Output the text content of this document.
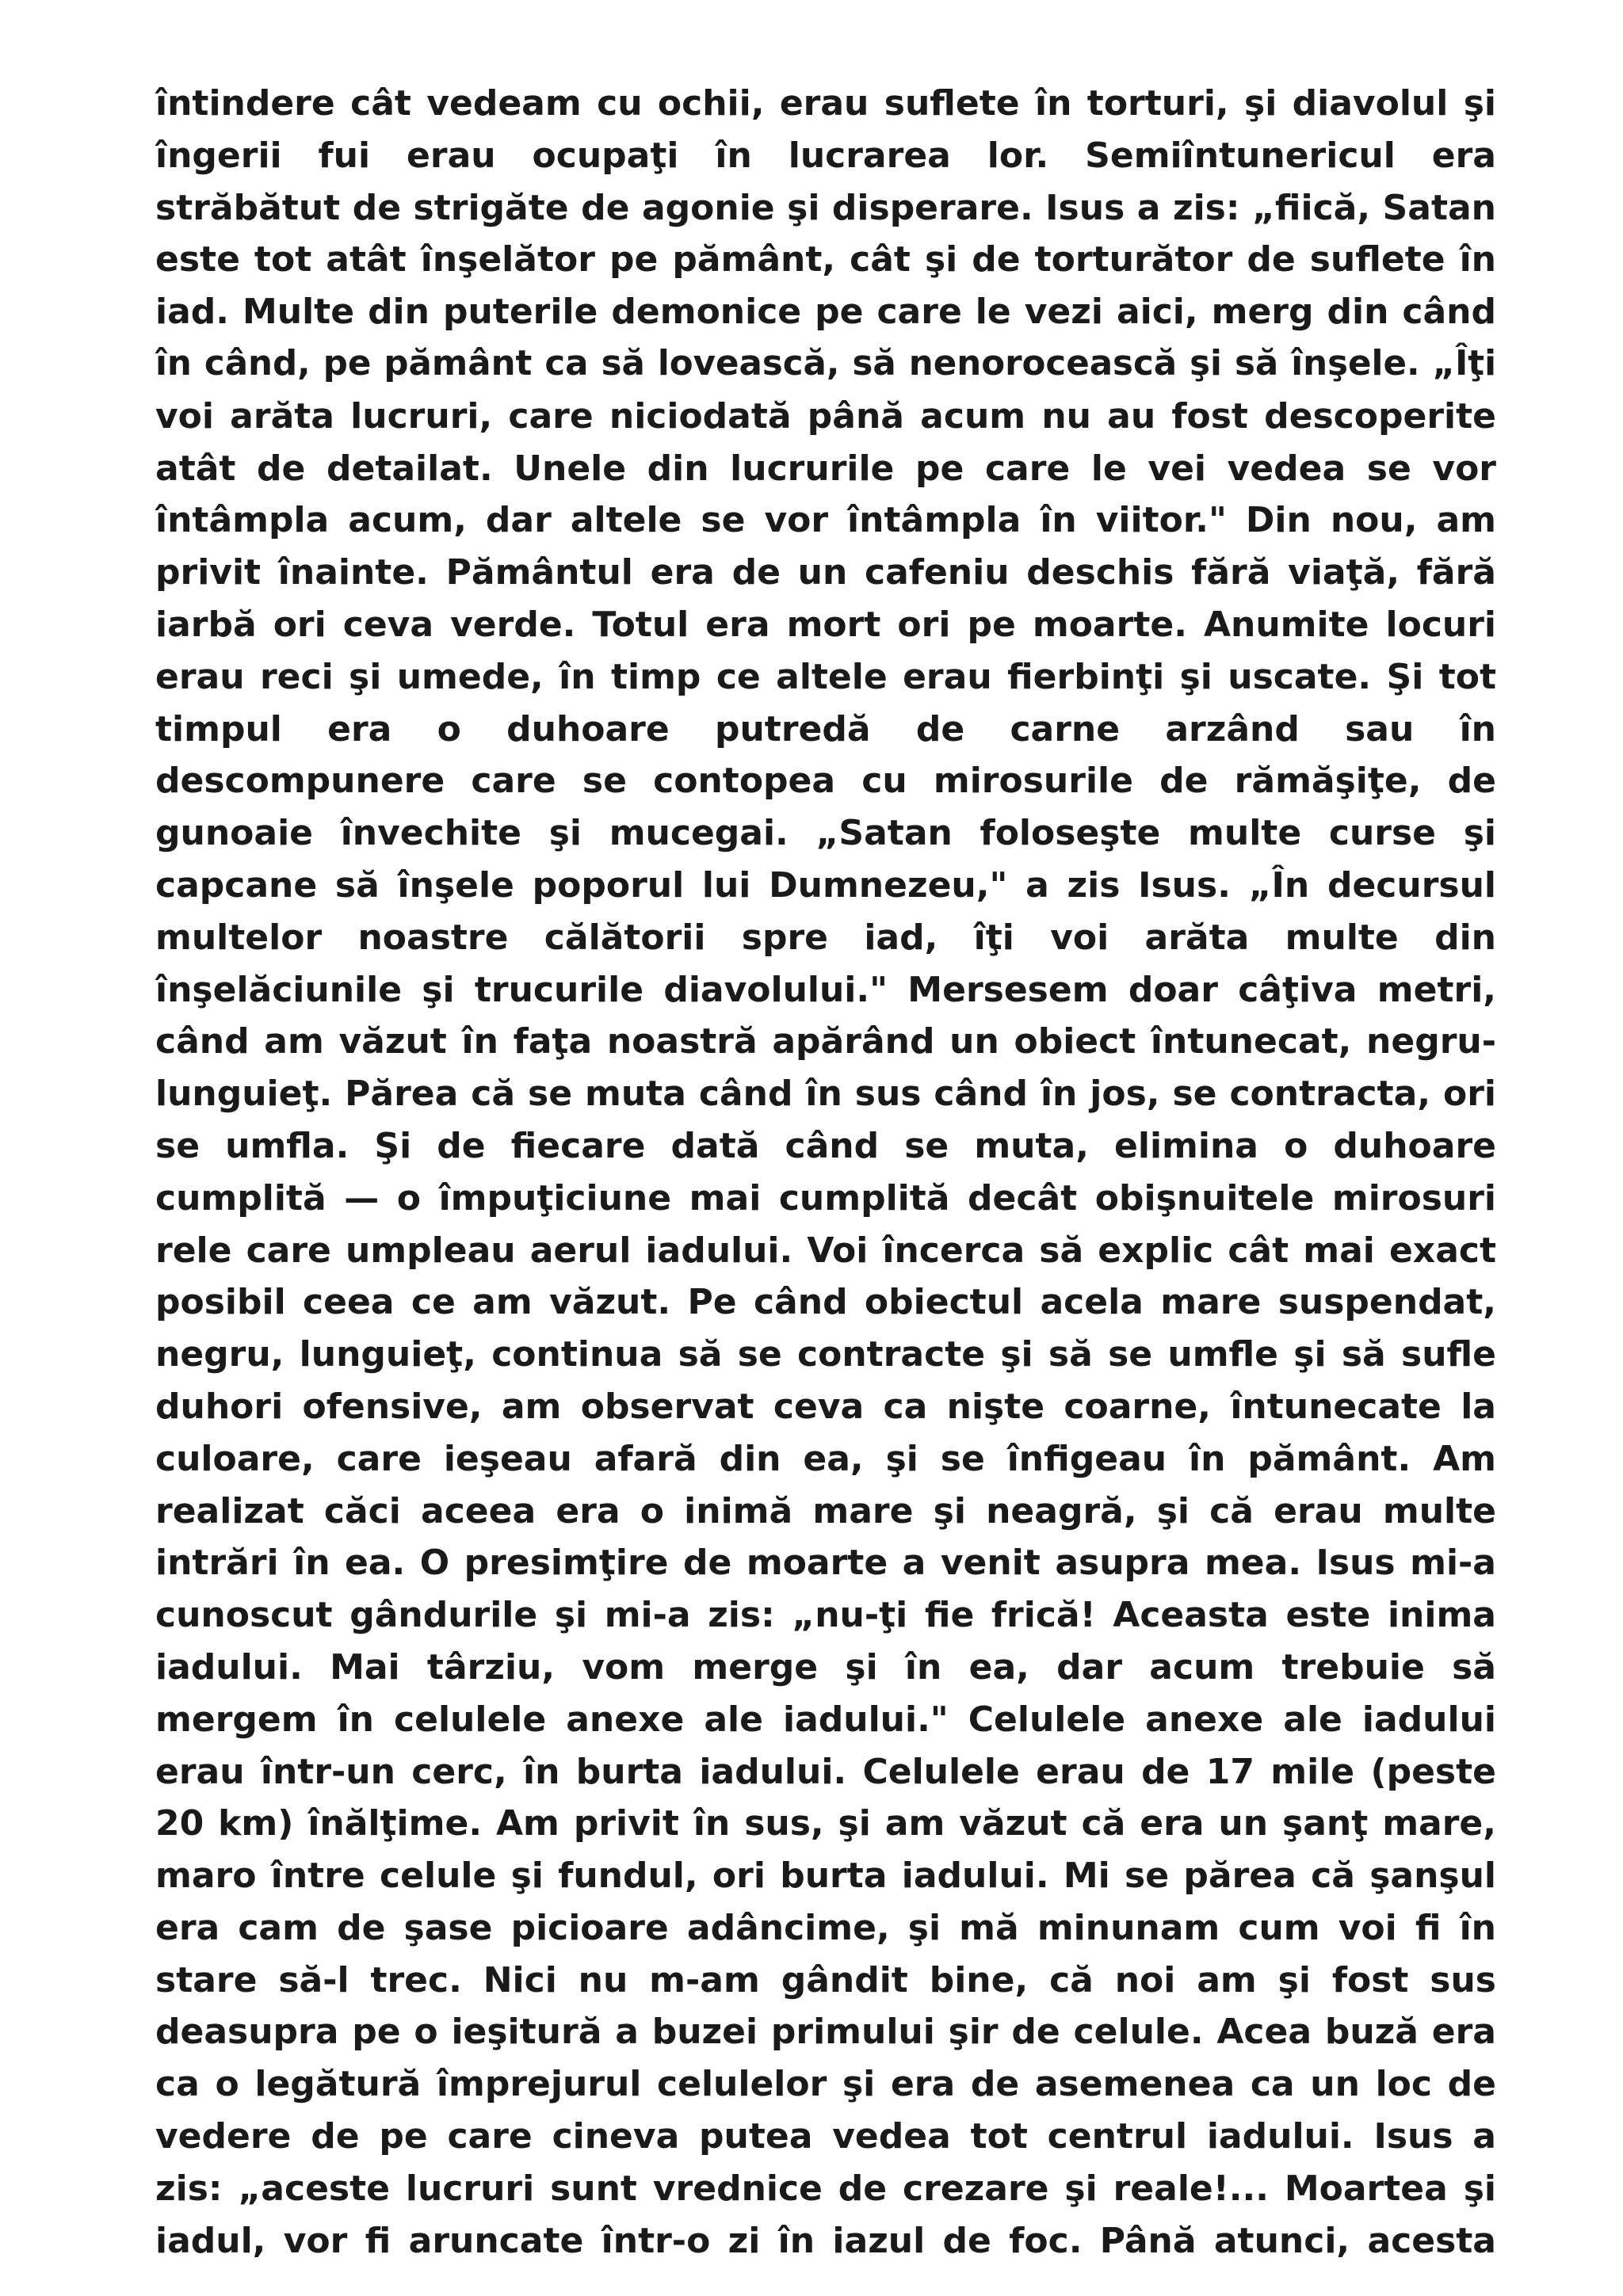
întindere cât vedeam cu ochii, erau suflete în torturi, şi diavolul şi
îngerii fui erau ocupaţi în lucrarea lor. Semiîntunericul era
străbătut de strigăte de agonie şi disperare. Isus a zis: „fiică, Satan
este tot atât înşelător pe pământ, cât şi de torturător de suflete în
iad. Multe din puterile demonice pe care le vezi aici, merg din când
în când, pe pământ ca să lovească, să nenorocească şi să înşele. „Îţi
voi arăta lucruri, care niciodată până acum nu au fost descoperite
atât de detailat. Unele din lucrurile pe care le vei vedea se vor
întâmpla acum, dar altele se vor întâmpla în viitor." Din nou, am
privit înainte. Pământul era de un cafeniu deschis fără viaţă, fără
iarbă ori ceva verde. Totul era mort ori pe moarte. Anumite locuri
erau reci şi umede, în timp ce altele erau fierbinţi şi uscate. Şi tot
timpul era o duhoare putredă de carne arzând sau în
descompunere care se contopea cu mirosurile de rămăşiţe, de
gunoaie învechite şi mucegai. „Satan foloseşte multe curse şi
capcane să înşele poporul lui Dumnezeu," a zis Isus. „În decursul
multelor noastre călătorii spre iad, îţi voi arăta multe din
înşelăciunile şi trucurile diavolului." Mersesem doar câţiva metri,
când am văzut în faţa noastră apărând un obiect întunecat, negru-
lunguieţ. Părea că se muta când în sus când în jos, se contracta, ori
se umfla. Şi de fiecare dată când se muta, elimina o duhoare
cumplită — o împuţiciune mai cumplită decât obişnuitele mirosuri
rele care umpleau aerul iadului. Voi încerca să explic cât mai exact
posibil ceea ce am văzut. Pe când obiectul acela mare suspendat,
negru, lunguieţ, continua să se contracte şi să se umfle şi să sufle
duhori ofensive, am observat ceva ca nişte coarne, întunecate la
culoare, care ieşeau afară din ea, şi se înfigeau în pământ. Am
realizat căci aceea era o inimă mare şi neagră, şi că erau multe
intrări în ea. O presimţire de moarte a venit asupra mea. Isus mi-a
cunoscut gândurile şi mi-a zis: „nu-ţi fie frică! Aceasta este inima
iadului. Mai târziu, vom merge şi în ea, dar acum trebuie să
mergem în celulele anexe ale iadului." Celulele anexe ale iadului
erau într-un cerc, în burta iadului. Celulele erau de 17 mile (peste
20 km) înălţime. Am privit în sus, şi am văzut că era un şanţ mare,
maro între celule şi fundul, ori burta iadului. Mi se părea că şanşul
era cam de şase picioare adâncime, şi mă minunam cum voi fi în
stare să-l trec. Nici nu m-am gândit bine, că noi am şi fost sus
deasupra pe o ieşitură a buzei primului şir de celule. Acea buză era
ca o legătură împrejurul celulelor şi era de asemenea ca un loc de
vedere de pe care cineva putea vedea tot centrul iadului. Isus a
zis: „aceste lucruri sunt vrednice de crezare şi reale!... Moartea şi
iadul, vor fi aruncate într-o zi în iazul de foc. Până atunci, acesta
